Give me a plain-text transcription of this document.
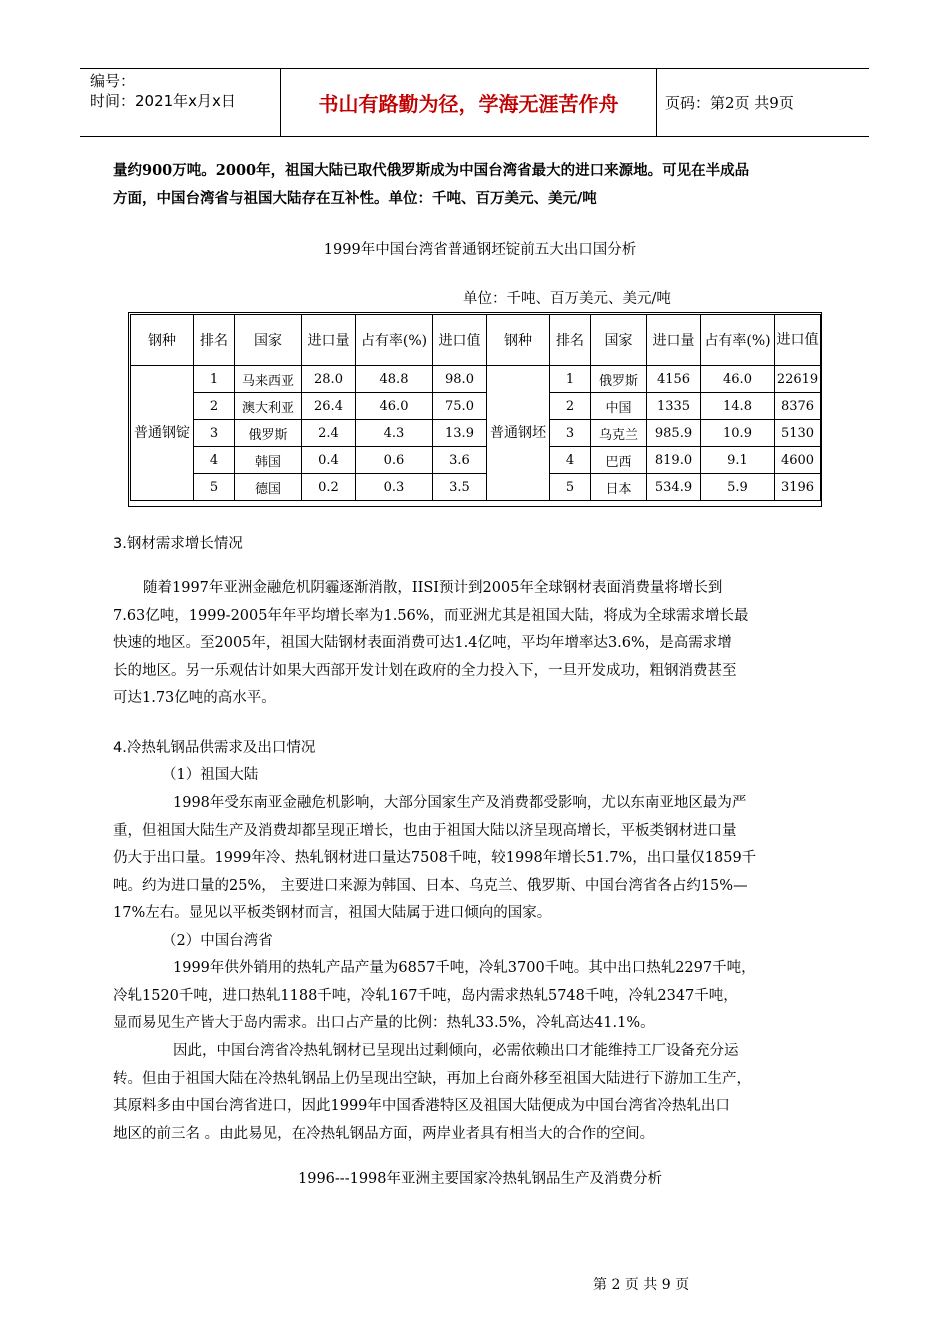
编号：
时间：2021年x月x日	书山有路勤为径，学海无涯苦作舟	页码：第2页 共9页
量约900万吨。2000年，祖国大陆已取代俄罗斯成为中国台湾省最大的进口来源地。可见在半成品
方面，中国台湾省与祖国大陆存在互补性。单位：千吨、百万美元、美元/吨
1999年中国台湾省普通钢坯锭前五大出口国分析
单位：千吨、百万美元、美元/吨
钢种	排名	国家	进口量	占有率(%)	进口值	钢种	排名	国家	进口量	占有率(%)	进口值
普通钢锭	1	马来西亚	28.0	48.8	98.0	普通钢坯	1	俄罗斯	4156	46.0	22619
	2	澳大利亚	26.4	46.0	75.0		2	中国	1335	14.8	8376
	3	俄罗斯	2.4	4.3	13.9		3	乌克兰	985.9	10.9	5130
	4	韩国	0.4	0.6	3.6		4	巴西	819.0	9.1	4600
	5	德国	0.2	0.3	3.5		5	日本	534.9	5.9	3196
3.钢材需求增长情况
随着1997年亚洲金融危机阴霾逐渐消散，IISI预计到2005年全球钢材表面消费量将增长到
7.63亿吨，1999-2005年年平均增长率为1.56%，而亚洲尤其是祖国大陆，将成为全球需求增长最
快速的地区。至2005年，祖国大陆钢材表面消费可达1.4亿吨，平均年增率达3.6%，是高需求增
长的地区。另一乐观估计如果大西部开发计划在政府的全力投入下，一旦开发成功，粗钢消费甚至
可达1.73亿吨的高水平。
4.冷热轧钢品供需求及出口情况
（1）祖国大陆
1998年受东南亚金融危机影响，大部分国家生产及消费都受影响，尤以东南亚地区最为严
重，但祖国大陆生产及消费却都呈现正增长，也由于祖国大陆以济呈现高增长，平板类钢材进口量
仍大于出口量。1999年冷、热轧钢材进口量达7508千吨，较1998年增长51.7%，出口量仅1859千
吨。约为进口量的25%， 主要进口来源为韩国、日本、乌克兰、俄罗斯、中国台湾省各占约15%—
17%左右。显见以平板类钢材而言，祖国大陆属于进口倾向的国家。
（2）中国台湾省
1999年供外销用的热轧产品产量为6857千吨，冷轧3700千吨。其中出口热轧2297千吨，
冷轧1520千吨，进口热轧1188千吨，冷轧167千吨，岛内需求热轧5748千吨，冷轧2347千吨，
显而易见生产皆大于岛内需求。出口占产量的比例：热轧33.5%，冷轧高达41.1%。
因此，中国台湾省冷热轧钢材已呈现出过剩倾向，必需依赖出口才能维持工厂设备充分运
转。但由于祖国大陆在冷热轧钢品上仍呈现出空缺，再加上台商外移至祖国大陆进行下游加工生产，
其原料多由中国台湾省进口，因此1999年中国香港特区及祖国大陆便成为中国台湾省冷热轧出口
地区的前三名 。由此易见，在冷热轧钢品方面，两岸业者具有相当大的合作的空间。
1996---1998年亚洲主要国家冷热轧钢品生产及消费分析
第 2 页 共 9 页
